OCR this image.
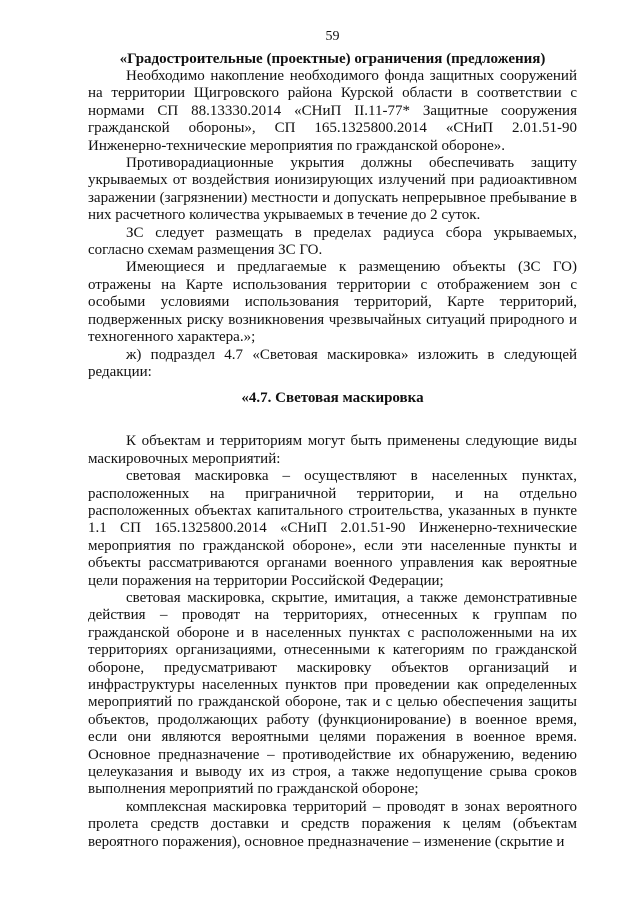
59
«Градостроительные (проектные) ограничения (предложения)

Необходимо накопление необходимого фонда защитных сооружений на территории Щигровского района Курской области в соответствии с нормами СП 88.13330.2014 «СНиП II.11-77* Защитные сооружения гражданской обороны», СП 165.1325800.2014 «СНиП 2.01.51-90 Инженерно-технические мероприятия по гражданской обороне».

Противорадиационные укрытия должны обеспечивать защиту укрываемых от воздействия ионизирующих излучений при радиоактивном заражении (загрязнении) местности и допускать непрерывное пребывание в них расчетного количества укрываемых в течение до 2 суток.

ЗС следует размещать в пределах радиуса сбора укрываемых, согласно схемам размещения ЗС ГО.

Имеющиеся и предлагаемые к размещению объекты (ЗС ГО) отражены на Карте использования территории с отображением зон с особыми условиями использования территорий, Карте территорий, подверженных риску возникновения чрезвычайных ситуаций природного и техногенного характера.»;

ж) подраздел 4.7 «Световая маскировка» изложить в следующей редакции:

«4.7. Световая маскировка

К объектам и территориям могут быть применены следующие виды маскировочных мероприятий:

световая маскировка – осуществляют в населенных пунктах, расположенных на приграничной территории, и на отдельно расположенных объектах капитального строительства, указанных в пункте 1.1 СП 165.1325800.2014 «СНиП 2.01.51-90 Инженерно-технические мероприятия по гражданской обороне», если эти населенные пункты и объекты рассматриваются органами военного управления как вероятные цели поражения на территории Российской Федерации;

световая маскировка, скрытие, имитация, а также демонстративные действия – проводят на территориях, отнесенных к группам по гражданской обороне и в населенных пунктах с расположенными на их территориях организациями, отнесенными к категориям по гражданской обороне, предусматривают маскировку объектов организаций и инфраструктуры населенных пунктов при проведении как определенных мероприятий по гражданской обороне, так и с целью обеспечения защиты объектов, продолжающих работу (функционирование) в военное время, если они являются вероятными целями поражения в военное время. Основное предназначение – противодействие их обнаружению, ведению целеуказания и выводу их из строя, а также недопущение срыва сроков выполнения мероприятий по гражданской обороне;

комплексная маскировка территорий – проводят в зонах вероятного пролета средств доставки и средств поражения к целям (объектам вероятного поражения), основное предназначение – изменение (скрытие и
